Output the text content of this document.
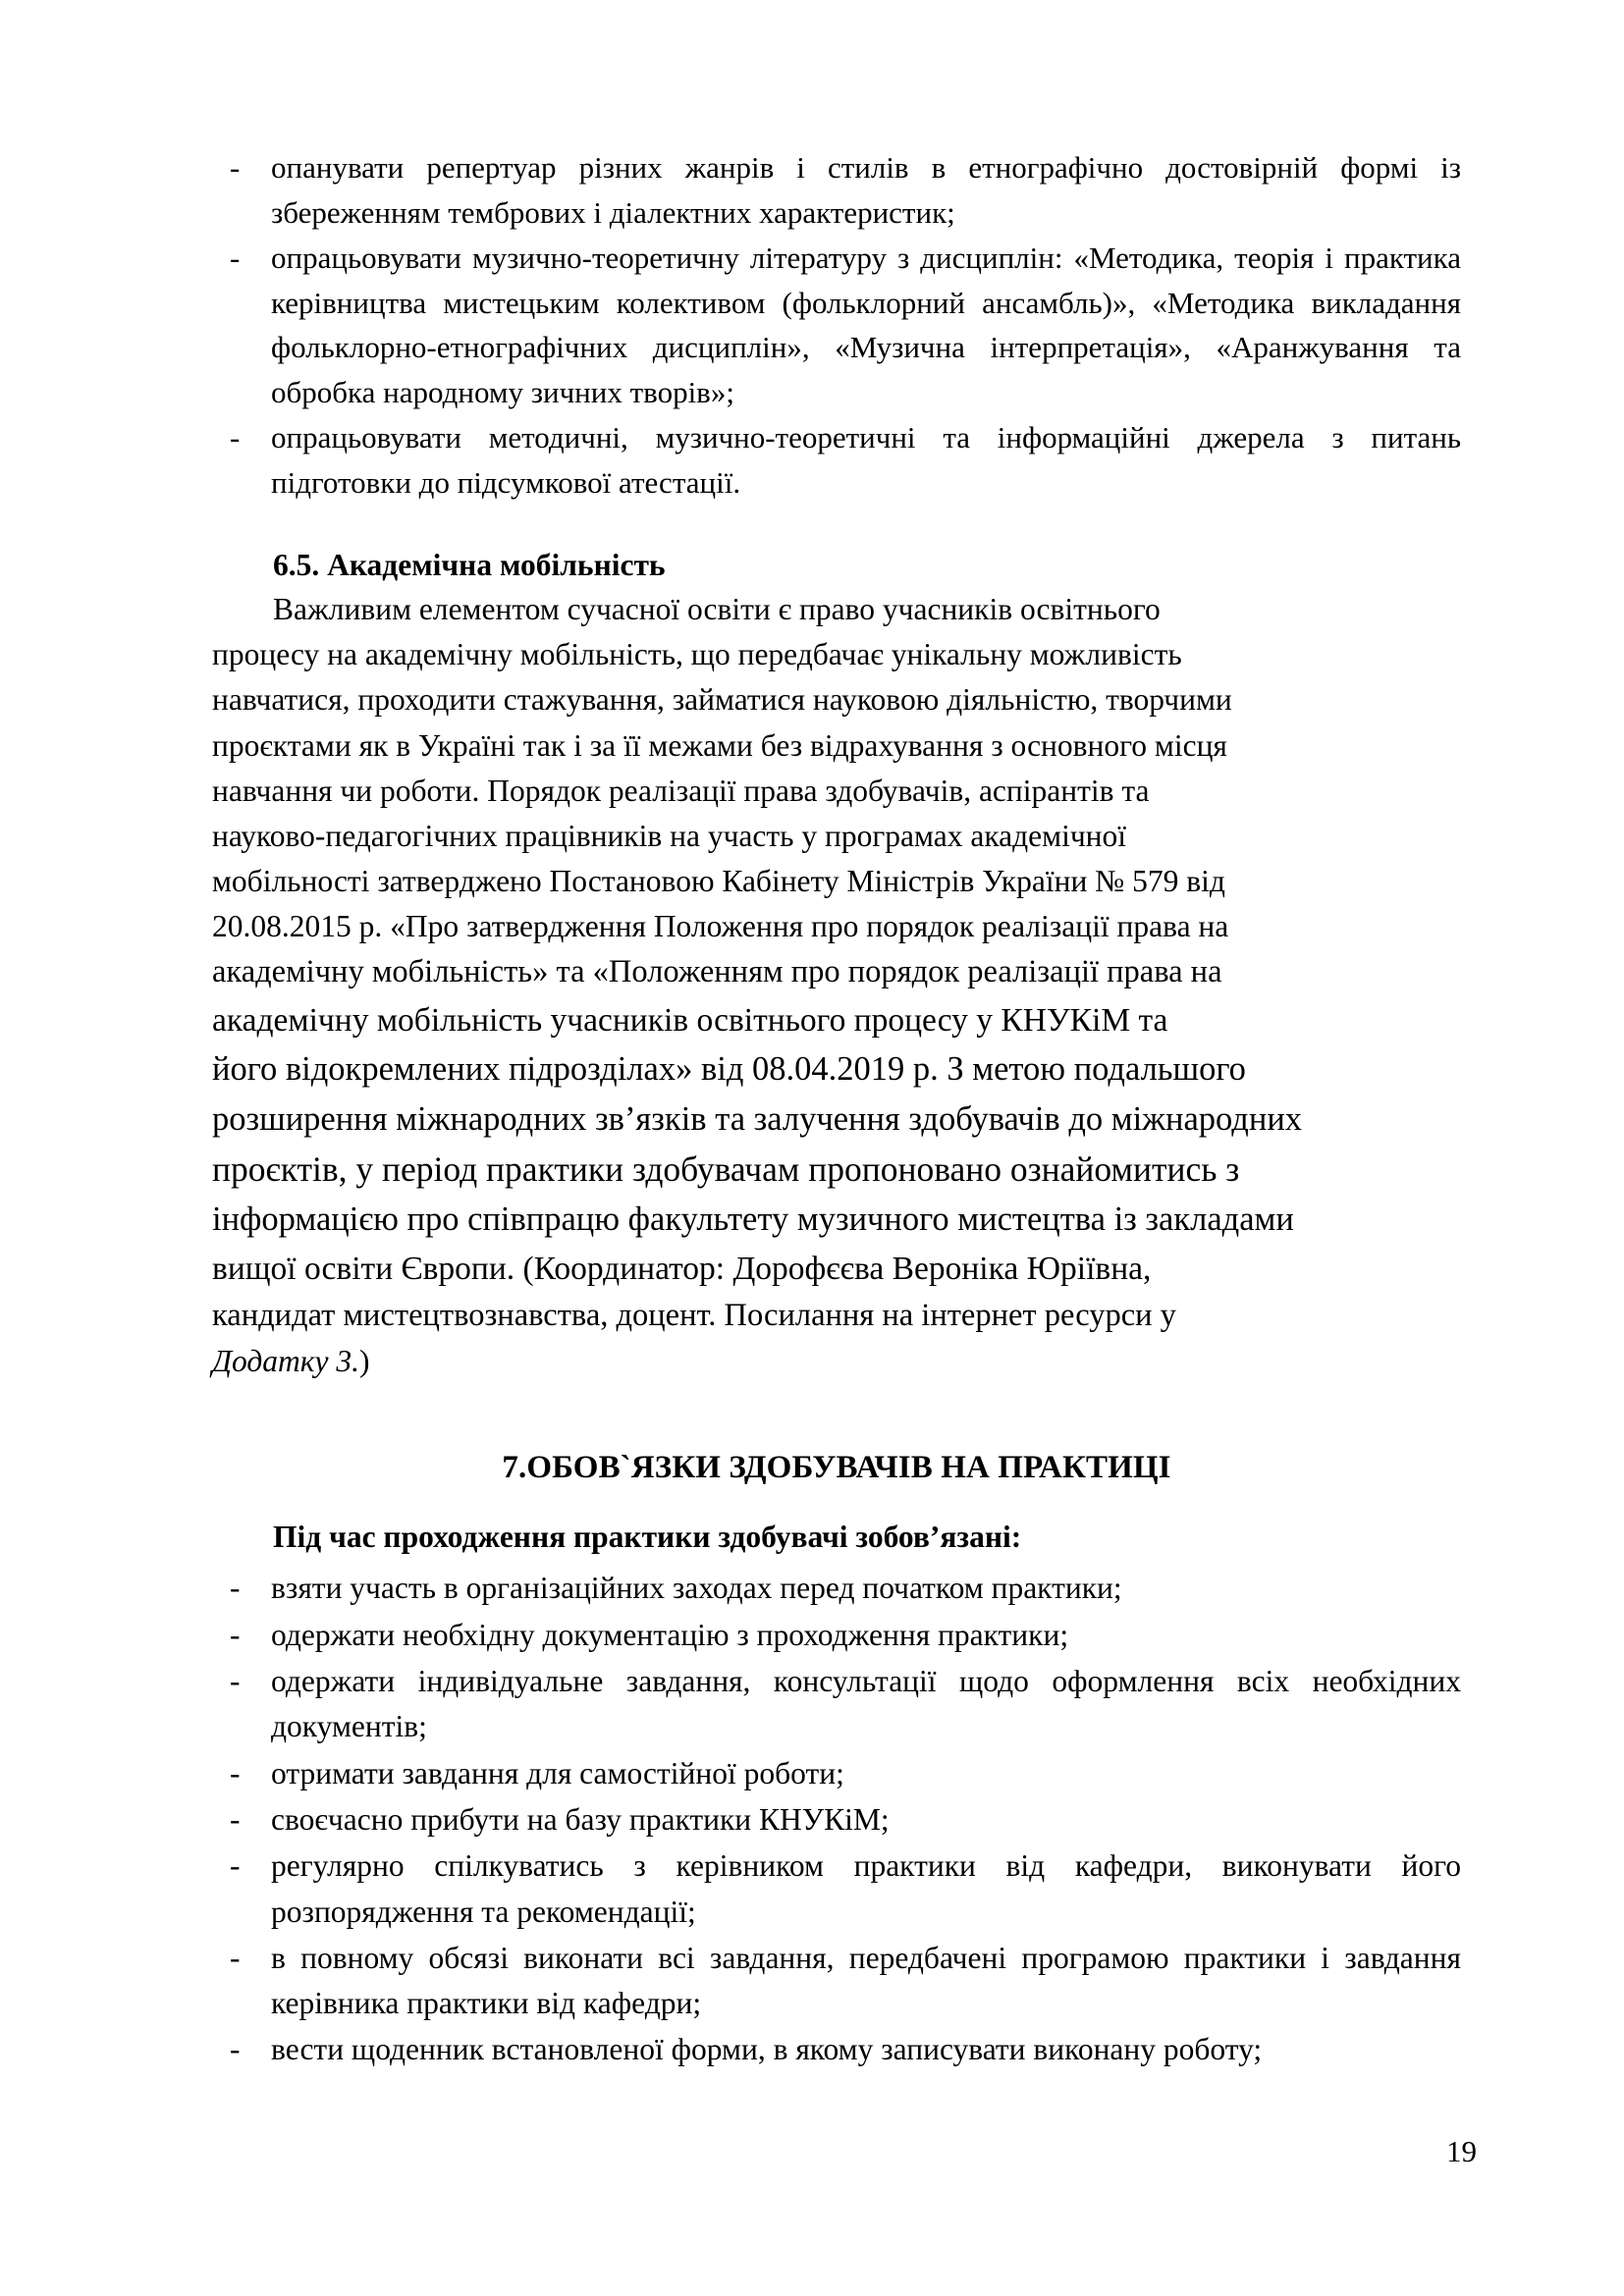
- опанувати репертуар різних жанрів і стилів в етнографічно достовірній формі із збереженням тембрових і діалектних характеристик;
- опрацьовувати музично-теоретичну літературу з дисциплін: «Методика, теорія і практика керівництва мистецьким колективом (фольклорний ансамбль)», «Методика викладання фольклорно-етнографічних дисциплін», «Музична інтерпретація», «Аранжування та обробка народному зичних творів»;
- опрацьовувати методичні, музично-теоретичні та інформаційні джерела з питань підготовки до підсумкової атестації.
6.5. Академічна мобільність
Важливим елементом сучасної освіти є право учасників освітнього
процесу на академічну мобільність, що передбачає унікальну можливість
навчатися, проходити стажування, займатися науковою діяльністю, творчими
проєктами як в Україні так і за її межами без відрахування з основного місця
навчання чи роботи. Порядок реалізації права здобувачів, аспірантів та
науково-педагогічних працівників на участь у програмах академічної
мобільності затверджено Постановою Кабінету Міністрів України № 579 від
20.08.2015 р. «Про затвердження Положення про порядок реалізації права на
академічну мобільність» та «Положенням про порядок реалізації права на
академічну мобільність учасників освітнього процесу у КНУКіМ та
його відокремлених підрозділах» від 08.04.2019 р. З метою подальшого
розширення міжнародних зв’язків та залучення здобувачів до міжнародних
проєктів, у період практики здобувачам пропоновано ознайомитись з
інформацією про співпрацю факультету музичного мистецтва із закладами
вищої освіти Європи. (Координатор: Дорофєєва Вероніка Юріївна,
кандидат мистецтвознавства, доцент. Посилання на інтернет ресурси у
Додатку 3.)
7.ОБОВ`ЯЗКИ ЗДОБУВАЧІВ НА ПРАКТИЦІ
Під час проходження практики здобувачі зобов’язані:
- взяти участь в організаційних заходах перед початком практики;
- одержати необхідну документацію з проходження практики;
- одержати індивідуальне завдання, консультації щодо оформлення всіх необхідних документів;
- отримати завдання для самостійної роботи;
- своєчасно прибути на базу практики КНУКіМ;
- регулярно спілкуватись з керівником практики від кафедри, виконувати його розпорядження та рекомендації;
- в повному обсязі виконати всі завдання, передбачені програмою практики і завдання керівника практики від кафедри;
- вести щоденник встановленої форми, в якому записувати виконану роботу;
19
